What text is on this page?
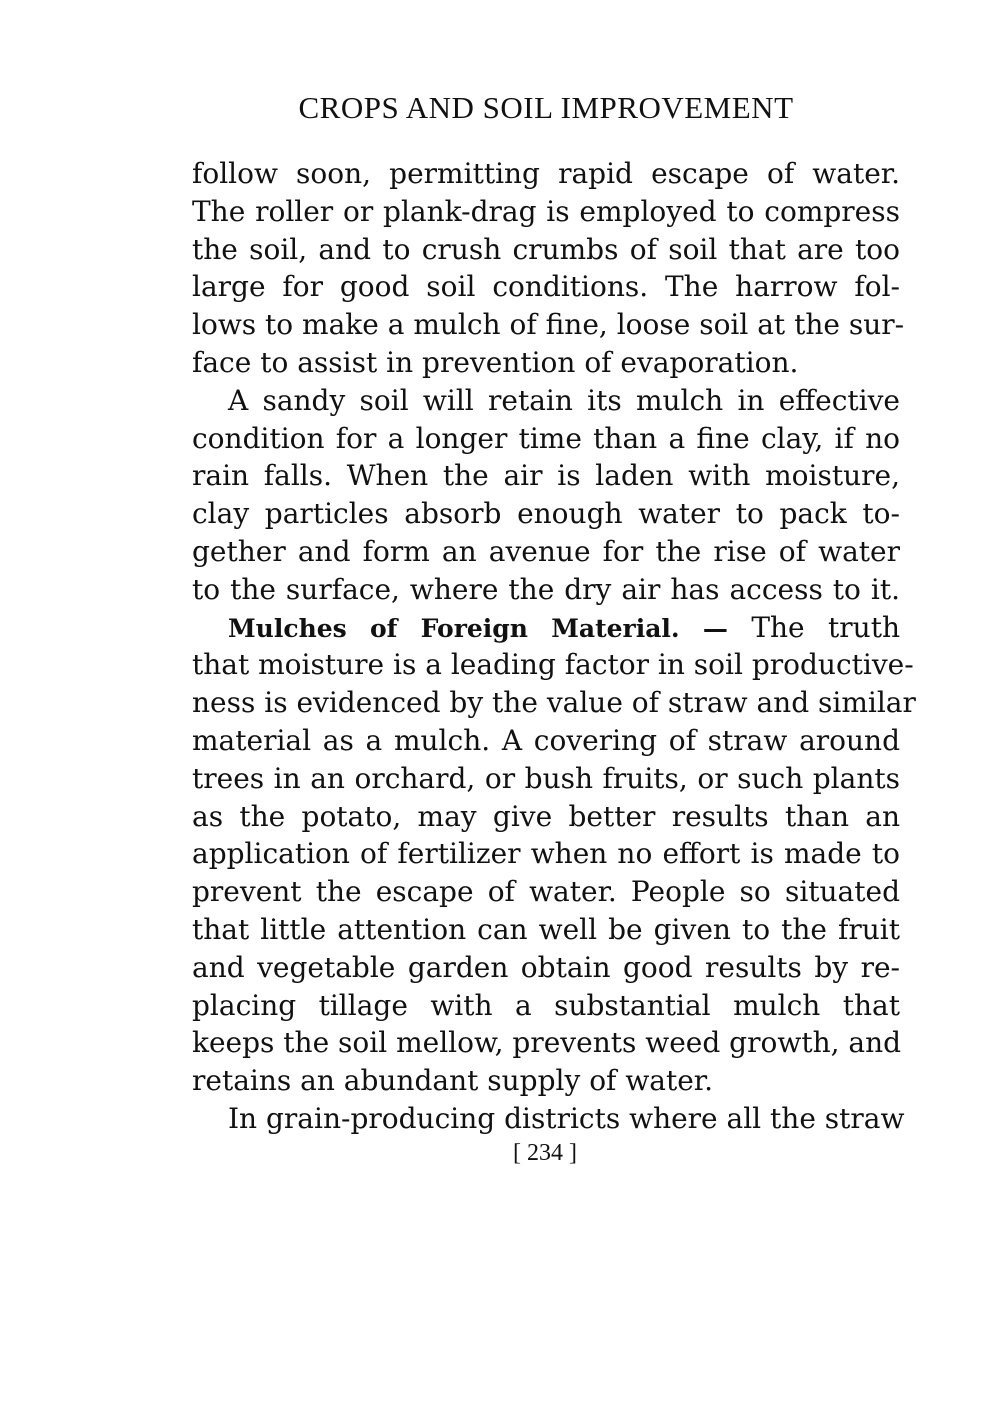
CROPS AND SOIL IMPROVEMENT
follow soon, permitting rapid escape of water.
The roller or plank-drag is employed to compress
the soil, and to crush crumbs of soil that are too
large for good soil conditions. The harrow fol-
lows to make a mulch of fine, loose soil at the sur-
face to assist in prevention of evaporation.
A sandy soil will retain its mulch in effective
condition for a longer time than a fine clay, if no
rain falls. When the air is laden with moisture,
clay particles absorb enough water to pack to-
gether and form an avenue for the rise of water
to the surface, where the dry air has access to it.
Mulches of Foreign Material. — The truth
that moisture is a leading factor in soil productive-
ness is evidenced by the value of straw and similar
material as a mulch. A covering of straw around
trees in an orchard, or bush fruits, or such plants
as the potato, may give better results than an
application of fertilizer when no effort is made to
prevent the escape of water. People so situated
that little attention can well be given to the fruit
and vegetable garden obtain good results by re-
placing tillage with a substantial mulch that
keeps the soil mellow, prevents weed growth, and
retains an abundant supply of water.
In grain-producing districts where all the straw
[ 234 ]
